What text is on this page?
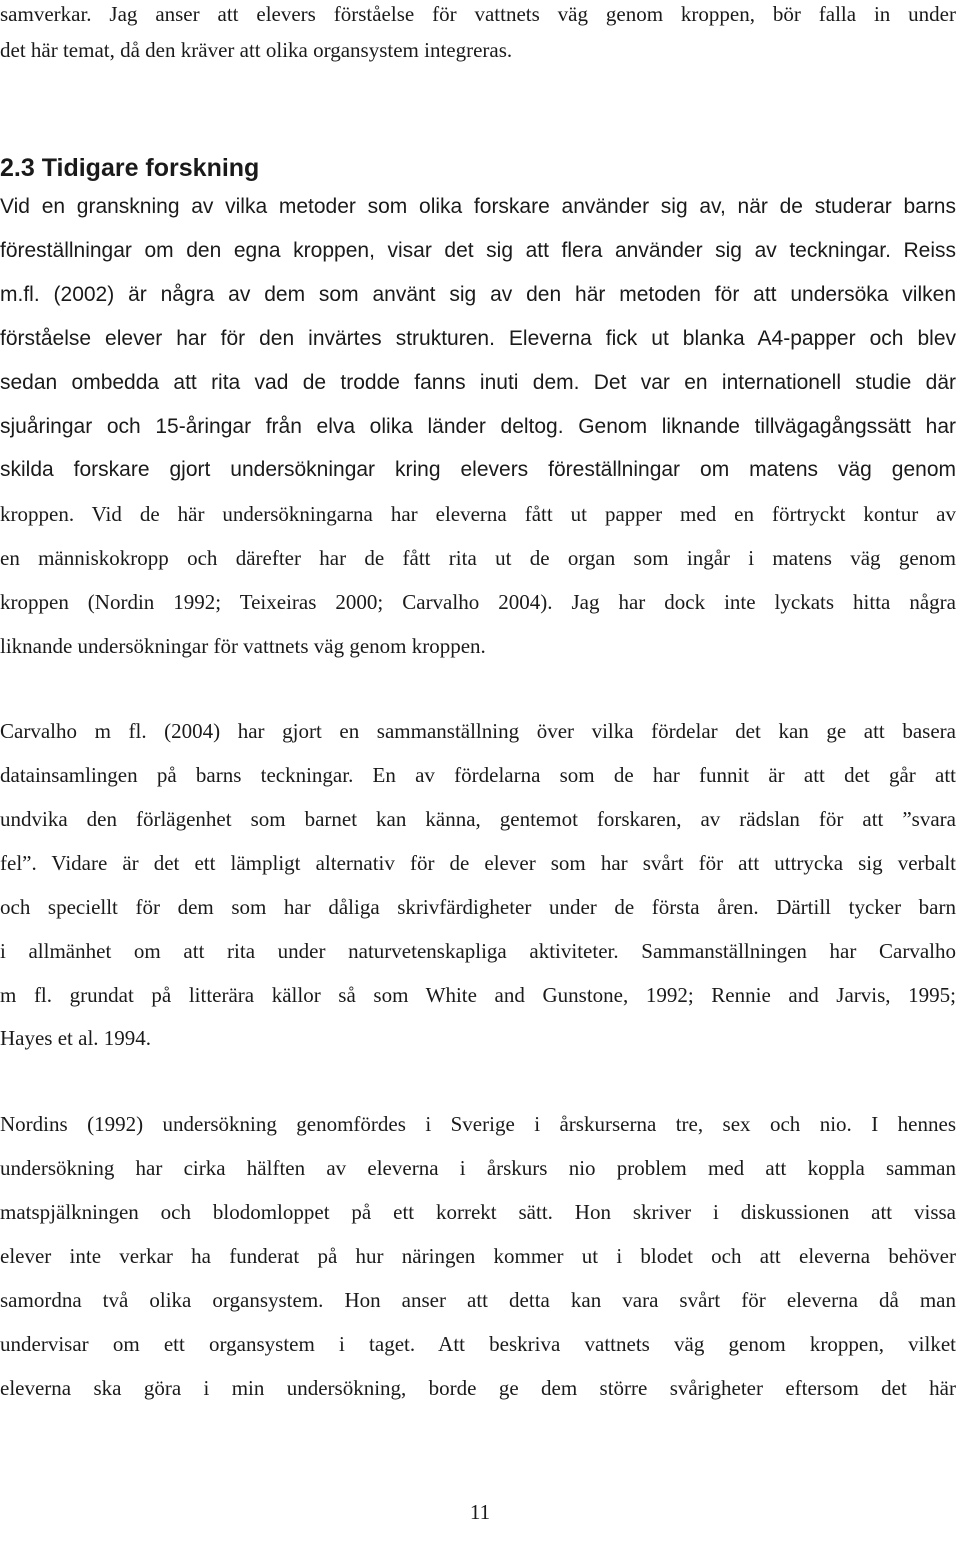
samverkar. Jag anser att elevers förståelse för vattnets väg genom kroppen, bör falla in under
det här temat, då den kräver att olika organsystem integreras.
2.3 Tidigare forskning
Vid en granskning av vilka metoder som olika forskare använder sig av, när de studerar barns
föreställningar om den egna kroppen, visar det sig att flera använder sig av teckningar. Reiss
m.fl. (2002) är några av dem som använt sig av den här metoden för att undersöka vilken
förståelse elever har för den invärtes strukturen. Eleverna fick ut blanka A4-papper och blev
sedan ombedda att rita vad de trodde fanns inuti dem. Det var en internationell studie där
sjuåringar och 15-åringar från elva olika länder deltog. Genom liknande tillvägagångssätt har
skilda forskare gjort undersökningar kring elevers föreställningar om matens väg genom
kroppen. Vid de här undersökningarna har eleverna fått ut papper med en förtryckt kontur av
en människokropp och därefter har de fått rita ut de organ som ingår i matens väg genom
kroppen (Nordin 1992; Teixeiras 2000; Carvalho 2004). Jag har dock inte lyckats hitta några
liknande undersökningar för vattnets väg genom kroppen.
Carvalho m fl. (2004) har gjort en sammanställning över vilka fördelar det kan ge att basera
datainsamlingen på barns teckningar. En av fördelarna som de har funnit är att det går att
undvika den förlägenhet som barnet kan känna, gentemot forskaren, av rädslan för att ”svara
fel”. Vidare är det ett lämpligt alternativ för de elever som har svårt för att uttrycka sig verbalt
och speciellt för dem som har dåliga skrivfärdigheter under de första åren. Därtill tycker barn
i allmänhet om att rita under naturvetenskapliga aktiviteter. Sammanställningen har Carvalho
m fl. grundat på litterära källor så som White and Gunstone, 1992; Rennie and Jarvis, 1995;
Hayes et al. 1994.
Nordins (1992) undersökning genomfördes i Sverige i årskurserna tre, sex och nio. I hennes
undersökning har cirka hälften av eleverna i årskurs nio problem med att koppla samman
matspjälkningen och blodomloppet på ett korrekt sätt. Hon skriver i diskussionen att vissa
elever inte verkar ha funderat på hur näringen kommer ut i blodet och att eleverna behöver
samordna två olika organsystem. Hon anser att detta kan vara svårt för eleverna då man
undervisar om ett organsystem i taget. Att beskriva vattnets väg genom kroppen, vilket
eleverna ska göra i min undersökning, borde ge dem större svårigheter eftersom det här
11
